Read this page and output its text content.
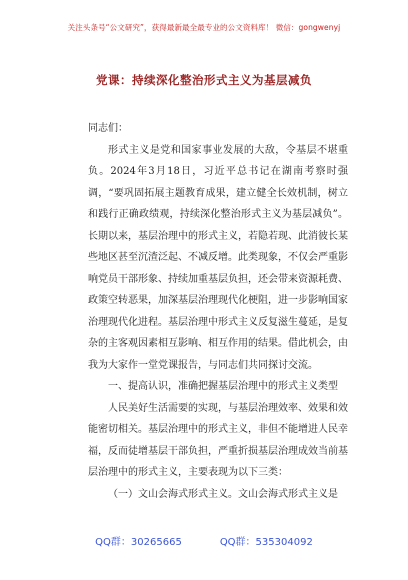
关注头条号“公文研究”，获得最新最全最专业的公文资料库！ 微信：gongwenyj
党课：持续深化整治形式主义为基层减负

同志们：

形式主义是党和国家事业发展的大敌，令基层不堪重负。2024年3月18日，习近平总书记在湖南考察时强调，“要巩固拓展主题教育成果，建立健全长效机制，树立和践行正确政绩观，持续深化整治形式主义为基层减负”。长期以来，基层治理中的形式主义，若隐若现、此消彼长某些地区甚至沉渣泛起、不减反增。此类现象，不仅会严重影响党员干部形象、持续加重基层负担，还会带来资源耗费、政策空转恶果，加深基层治理现代化梗阻，进一步影响国家治理现代化进程。基层治理中形式主义反复滋生蔓延，是复杂的主客观因素相互影响、相互作用的结果。借此机会，由我为大家作一堂党课报告，与同志们共同探讨交流。

一、提高认识，准确把握基层治理中的形式主义类型

人民美好生活需要的实现，与基层治理效率、效果和效能密切相关。基层治理中的形式主义，非但不能增进人民幸福，反而徒增基层干部负担，严重折损基层治理成效当前基层治理中的形式主义，主要表现为以下三类：

（一）文山会海式形式主义。文山会海式形式主义是

QQ群：30265665	QQ群：535304092
